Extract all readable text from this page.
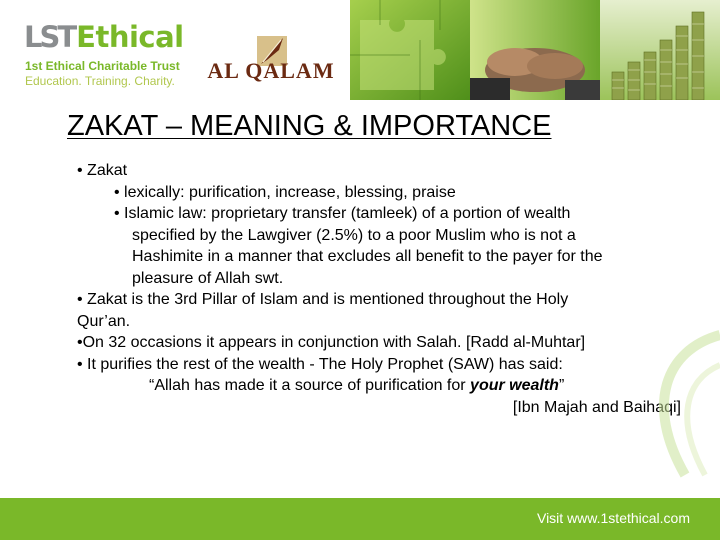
LST Ethical
1st Ethical Charitable Trust
Education. Training. Charity.	AL QALAM
ZAKAT – MEANING & IMPORTANCE

• Zakat

• lexically: purification, increase, blessing, praise

• Islamic law: proprietary transfer (tamleek) of a portion of wealth

specified by the Lawgiver (2.5%) to a poor Muslim who is not a

Hashimite in a manner that excludes all benefit to the payer for the

pleasure of Allah swt.

• Zakat is the 3rd Pillar of Islam and is mentioned throughout the Holy

Qur’an.

•On 32 occasions it appears in conjunction with Salah. [Radd al-Muhtar]

• It purifies the rest of the wealth - The Holy Prophet (SAW) has said:

“Allah has made it a source of purification for your wealth”

[Ibn Majah and Baihaqi]

Visit www.1stethical.com
